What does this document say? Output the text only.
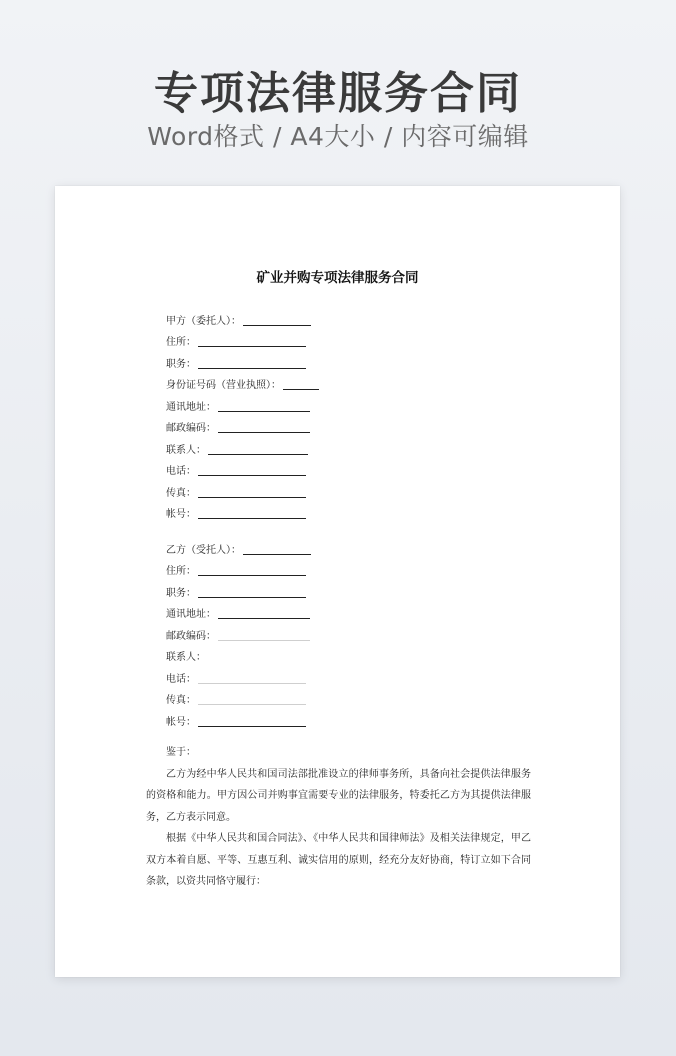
专项法律服务合同
Word格式 / A4大小 / 内容可编辑
矿业并购专项法律服务合同
甲方（委托人）：
住所：
职务：
身份证号码（营业执照）：
通讯地址：
邮政编码：
联系人：
电话：
传真：
帐号：
乙方（受托人）：
住所：
职务：
通讯地址：
邮政编码：
联系人：
电话：
传真：
帐号：

鉴于：

乙方为经中华人民共和国司法部批准设立的律师事务所，具备向社会提供法律服务的资格和能力。甲方因公司并购事宜需要专业的法律服务，特委托乙方为其提供法律服务，乙方表示同意。

根据《中华人民共和国合同法》、《中华人民共和国律师法》及相关法律规定，甲乙双方本着自愿、平等、互惠互利、诚实信用的原则，经充分友好协商，特订立如下合同条款，以资共同恪守履行：
